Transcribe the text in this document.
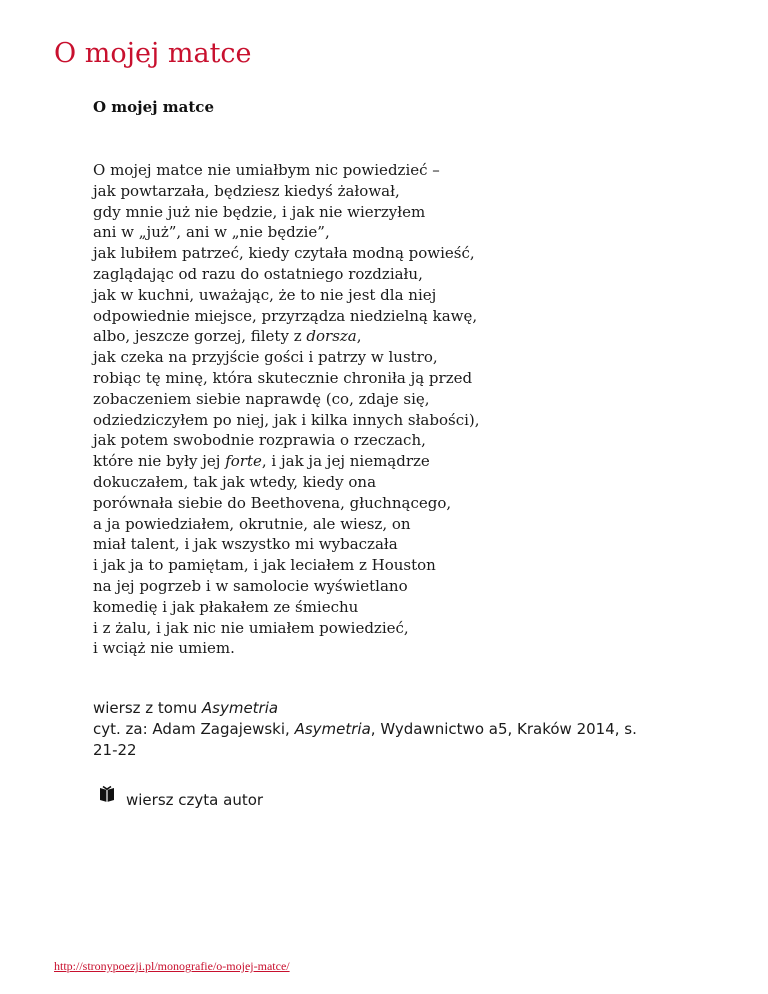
O mojej matce
O mojej matce
O mojej matce nie umiałbym nic powiedzieć –
jak powtarzała, będziesz kiedyś żałował,
gdy mnie już nie będzie, i jak nie wierzyłem
ani w „już”, ani w „nie będzie”,
jak lubiłem patrzeć, kiedy czytała modną powieść,
zaglądając od razu do ostatniego rozdziału,
jak w kuchni, uważając, że to nie jest dla niej
odpowiednie miejsce, przyrządza niedzielną kawę,
albo, jeszcze gorzej, filety z dorsza,
jak czeka na przyjście gości i patrzy w lustro,
robiąc tę minę, która skutecznie chroniła ją przed
zobaczeniem siebie naprawdę (co, zdaje się,
odziedziczyłem po niej, jak i kilka innych słabości),
jak potem swobodnie rozprawia o rzeczach,
które nie były jej forte, i jak ja jej niemądrze
dokuczałem, tak jak wtedy, kiedy ona
porównała siebie do Beethovena, głuchnącego,
a ja powiedziałem, okrutnie, ale wiesz, on
miał talent, i jak wszystko mi wybaczała
i jak ja to pamiętam, i jak leciałem z Houston
na jej pogrzeb i w samolocie wyświetlano
komedię i jak płakałem ze śmiechu
i z żalu, i jak nic nie umiałem powiedzieć,
i wciąż nie umiem.
wiersz z tomu Asymetria
cyt. za: Adam Zagajewski, Asymetria, Wydawnictwo a5, Kraków 2014, s.
21-22
wiersz czyta autor
http://stronypoezji.pl/monografie/o-mojej-matce/
